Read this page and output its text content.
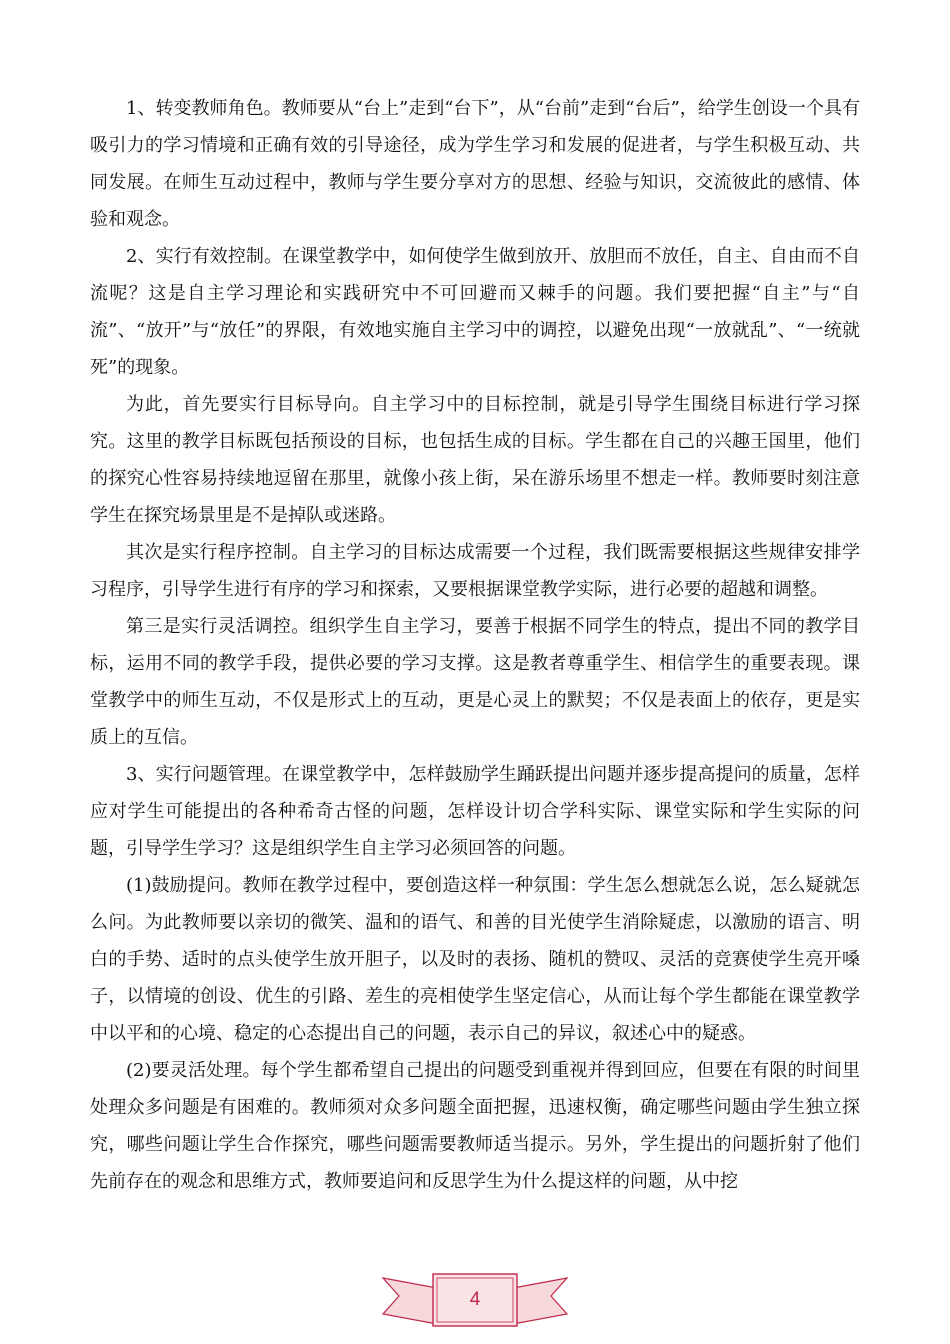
1、转变教师角色。教师要从“台上”走到“台下”，从“台前”走到“台后”，给学生创设一个具有吸引力的学习情境和正确有效的引导途径，成为学生学习和发展的促进者，与学生积极互动、共同发展。在师生互动过程中，教师与学生要分享对方的思想、经验与知识，交流彼此的感情、体验和观念。

2、实行有效控制。在课堂教学中，如何使学生做到放开、放胆而不放任，自主、自由而不自流呢？这是自主学习理论和实践研究中不可回避而又棘手的问题。我们要把握“自主”与“自流”、“放开”与“放任”的界限，有效地实施自主学习中的调控，以避免出现“一放就乱”、“一统就死”的现象。

为此，首先要实行目标导向。自主学习中的目标控制，就是引导学生围绕目标进行学习探究。这里的教学目标既包括预设的目标，也包括生成的目标。学生都在自己的兴趣王国里，他们的探究心性容易持续地逗留在那里，就像小孩上街，呆在游乐场里不想走一样。教师要时刻注意学生在探究场景里是不是掉队或迷路。

其次是实行程序控制。自主学习的目标达成需要一个过程，我们既需要根据这些规律安排学习程序，引导学生进行有序的学习和探索，又要根据课堂教学实际，进行必要的超越和调整。

第三是实行灵活调控。组织学生自主学习，要善于根据不同学生的特点，提出不同的教学目标，运用不同的教学手段，提供必要的学习支撑。这是教者尊重学生、相信学生的重要表现。课堂教学中的师生互动，不仅是形式上的互动，更是心灵上的默契；不仅是表面上的依存，更是实质上的互信。

3、实行问题管理。在课堂教学中，怎样鼓励学生踊跃提出问题并逐步提高提问的质量，怎样应对学生可能提出的各种希奇古怪的问题，怎样设计切合学科实际、课堂实际和学生实际的问题，引导学生学习？这是组织学生自主学习必须回答的问题。

(1)鼓励提问。教师在教学过程中，要创造这样一种氛围：学生怎么想就怎么说，怎么疑就怎么问。为此教师要以亲切的微笑、温和的语气、和善的目光使学生消除疑虑，以激励的语言、明白的手势、适时的点头使学生放开胆子，以及时的表扬、随机的赞叹、灵活的竞赛使学生亮开嗓子，以情境的创设、优生的引路、差生的亮相使学生坚定信心，从而让每个学生都能在课堂教学中以平和的心境、稳定的心态提出自己的问题，表示自己的异议，叙述心中的疑惑。

(2)要灵活处理。每个学生都希望自己提出的问题受到重视并得到回应，但要在有限的时间里处理众多问题是有困难的。教师须对众多问题全面把握，迅速权衡，确定哪些问题由学生独立探究，哪些问题让学生合作探究，哪些问题需要教师适当提示。另外，学生提出的问题折射了他们先前存在的观念和思维方式，教师要追问和反思学生为什么提这样的问题，从中挖

4
